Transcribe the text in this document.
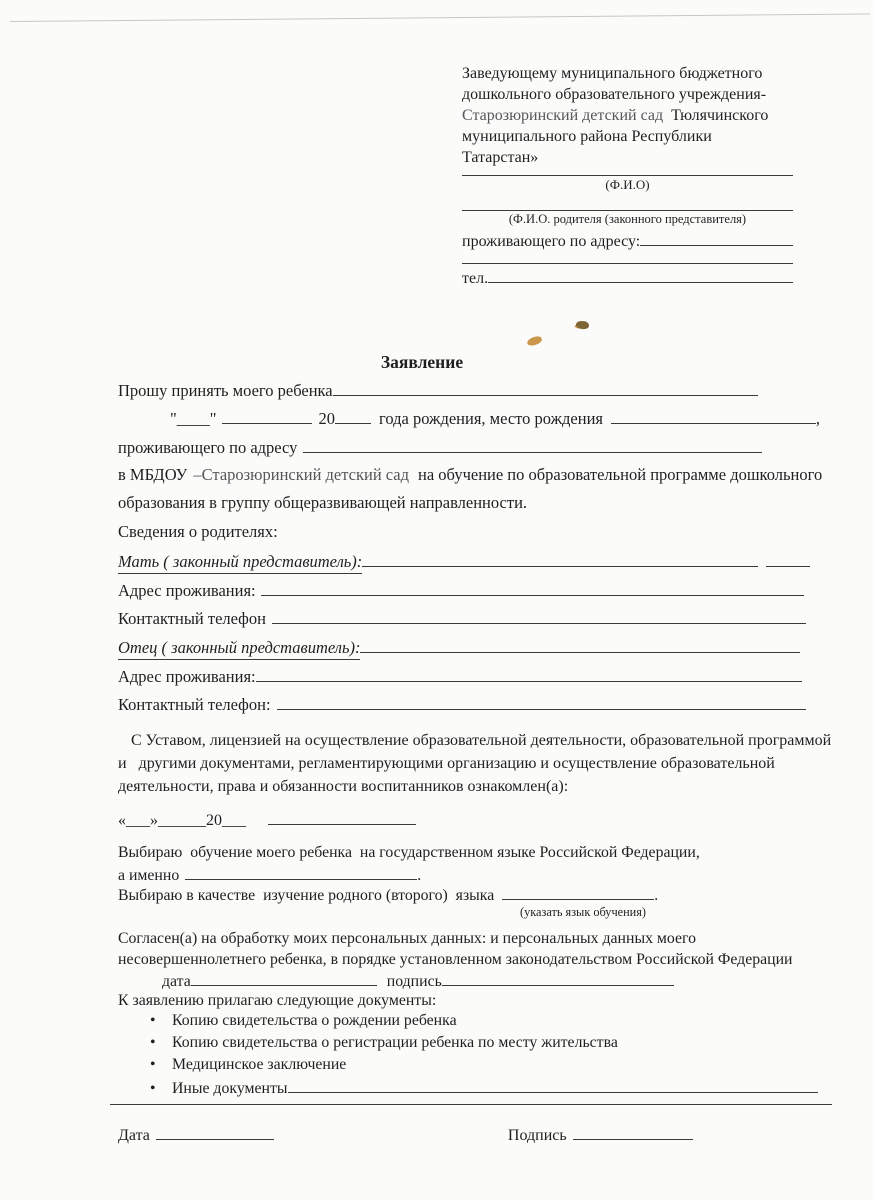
Заведующему муниципального бюджетного
дошкольного образовательного учреждения-
Старозюринский детский сад  Тюлячинского
муниципального района Республики
Татарстан»
(Ф.И.О)
(Ф.И.О. родителя (законного представителя)
проживающего по адресу:
тел.
Заявление
Прошу принять моего ребенка
"____"	20	года рождения, место рождения	,
проживающего по адресу
в МБДОУ –Старозюринский детский сад на обучение по образовательной программе дошкольного
образования в группу общеразвивающей направленности.
Сведения о родителях:
Мать ( законный представитель):
Адрес проживания:
Контактный телефон
Отец ( законный представитель):
Адрес проживания:
Контактный телефон:

С Уставом, лицензией на осуществление образовательной деятельности, образовательной программой и   другими документами, регламентирующими организацию и осуществление образовательной деятельности, права и обязанности воспитанников ознакомлен(а):

«___»______20___
Выбираю  обучение моего ребенка  на государственном языке Российской Федерации,
а именно	.
Выбираю в качестве  изучение родного (второго)  языка	.
(указать язык обучения)
Согласен(а) на обработку моих персональных данных: и персональных данных моего
несовершеннолетнего ребенка, в порядке установленном законодательством Российской Федерации
дата	подпись
К заявлению прилагаю следующие документы:
•	Копию свидетельства о рождении ребенка
•	Копию свидетельства о регистрации ребенка по месту жительства
•	Медицинское заключение
•	Иные документы
Дата	Подпись
